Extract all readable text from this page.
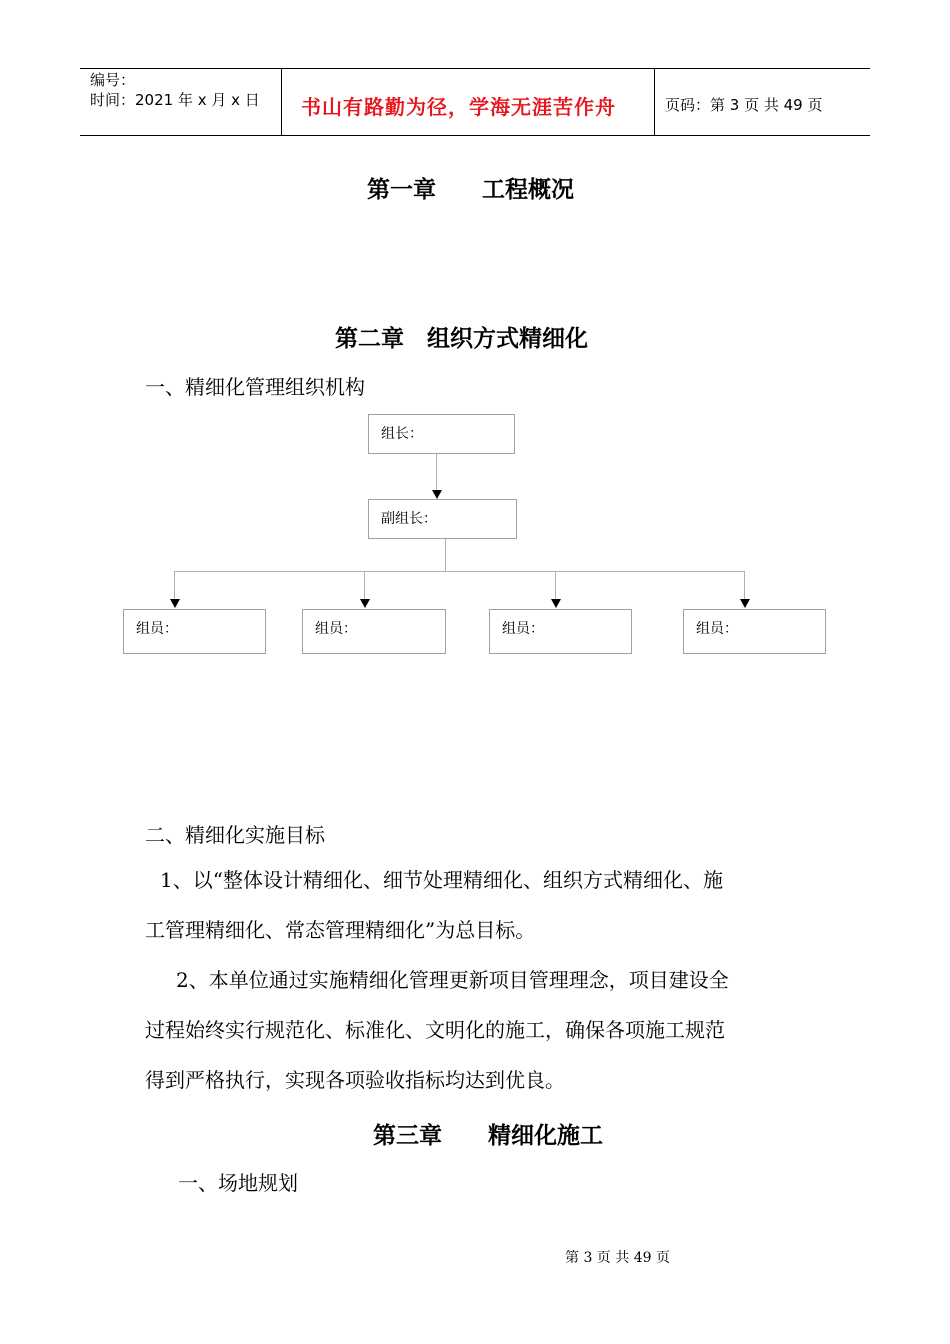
编号：
时间：2021 年 x 月 x 日 书山有路勤为径，学海无涯苦作舟	页码：第 3 页 共 49 页
第一章　　工程概况
第二章　组织方式精细化
一、精细化管理组织机构
组长：
副组长：
组员：	组员：	组员：	组员：
二、精细化实施目标
1、以“整体设计精细化、细节处理精细化、组织方式精细化、施
工管理精细化、常态管理精细化”为总目标。
2、本单位通过实施精细化管理更新项目管理理念，项目建设全
过程始终实行规范化、标准化、文明化的施工，确保各项施工规范
得到严格执行，实现各项验收指标均达到优良。
第三章　　精细化施工
一、场地规划
第 3 页 共 49 页
